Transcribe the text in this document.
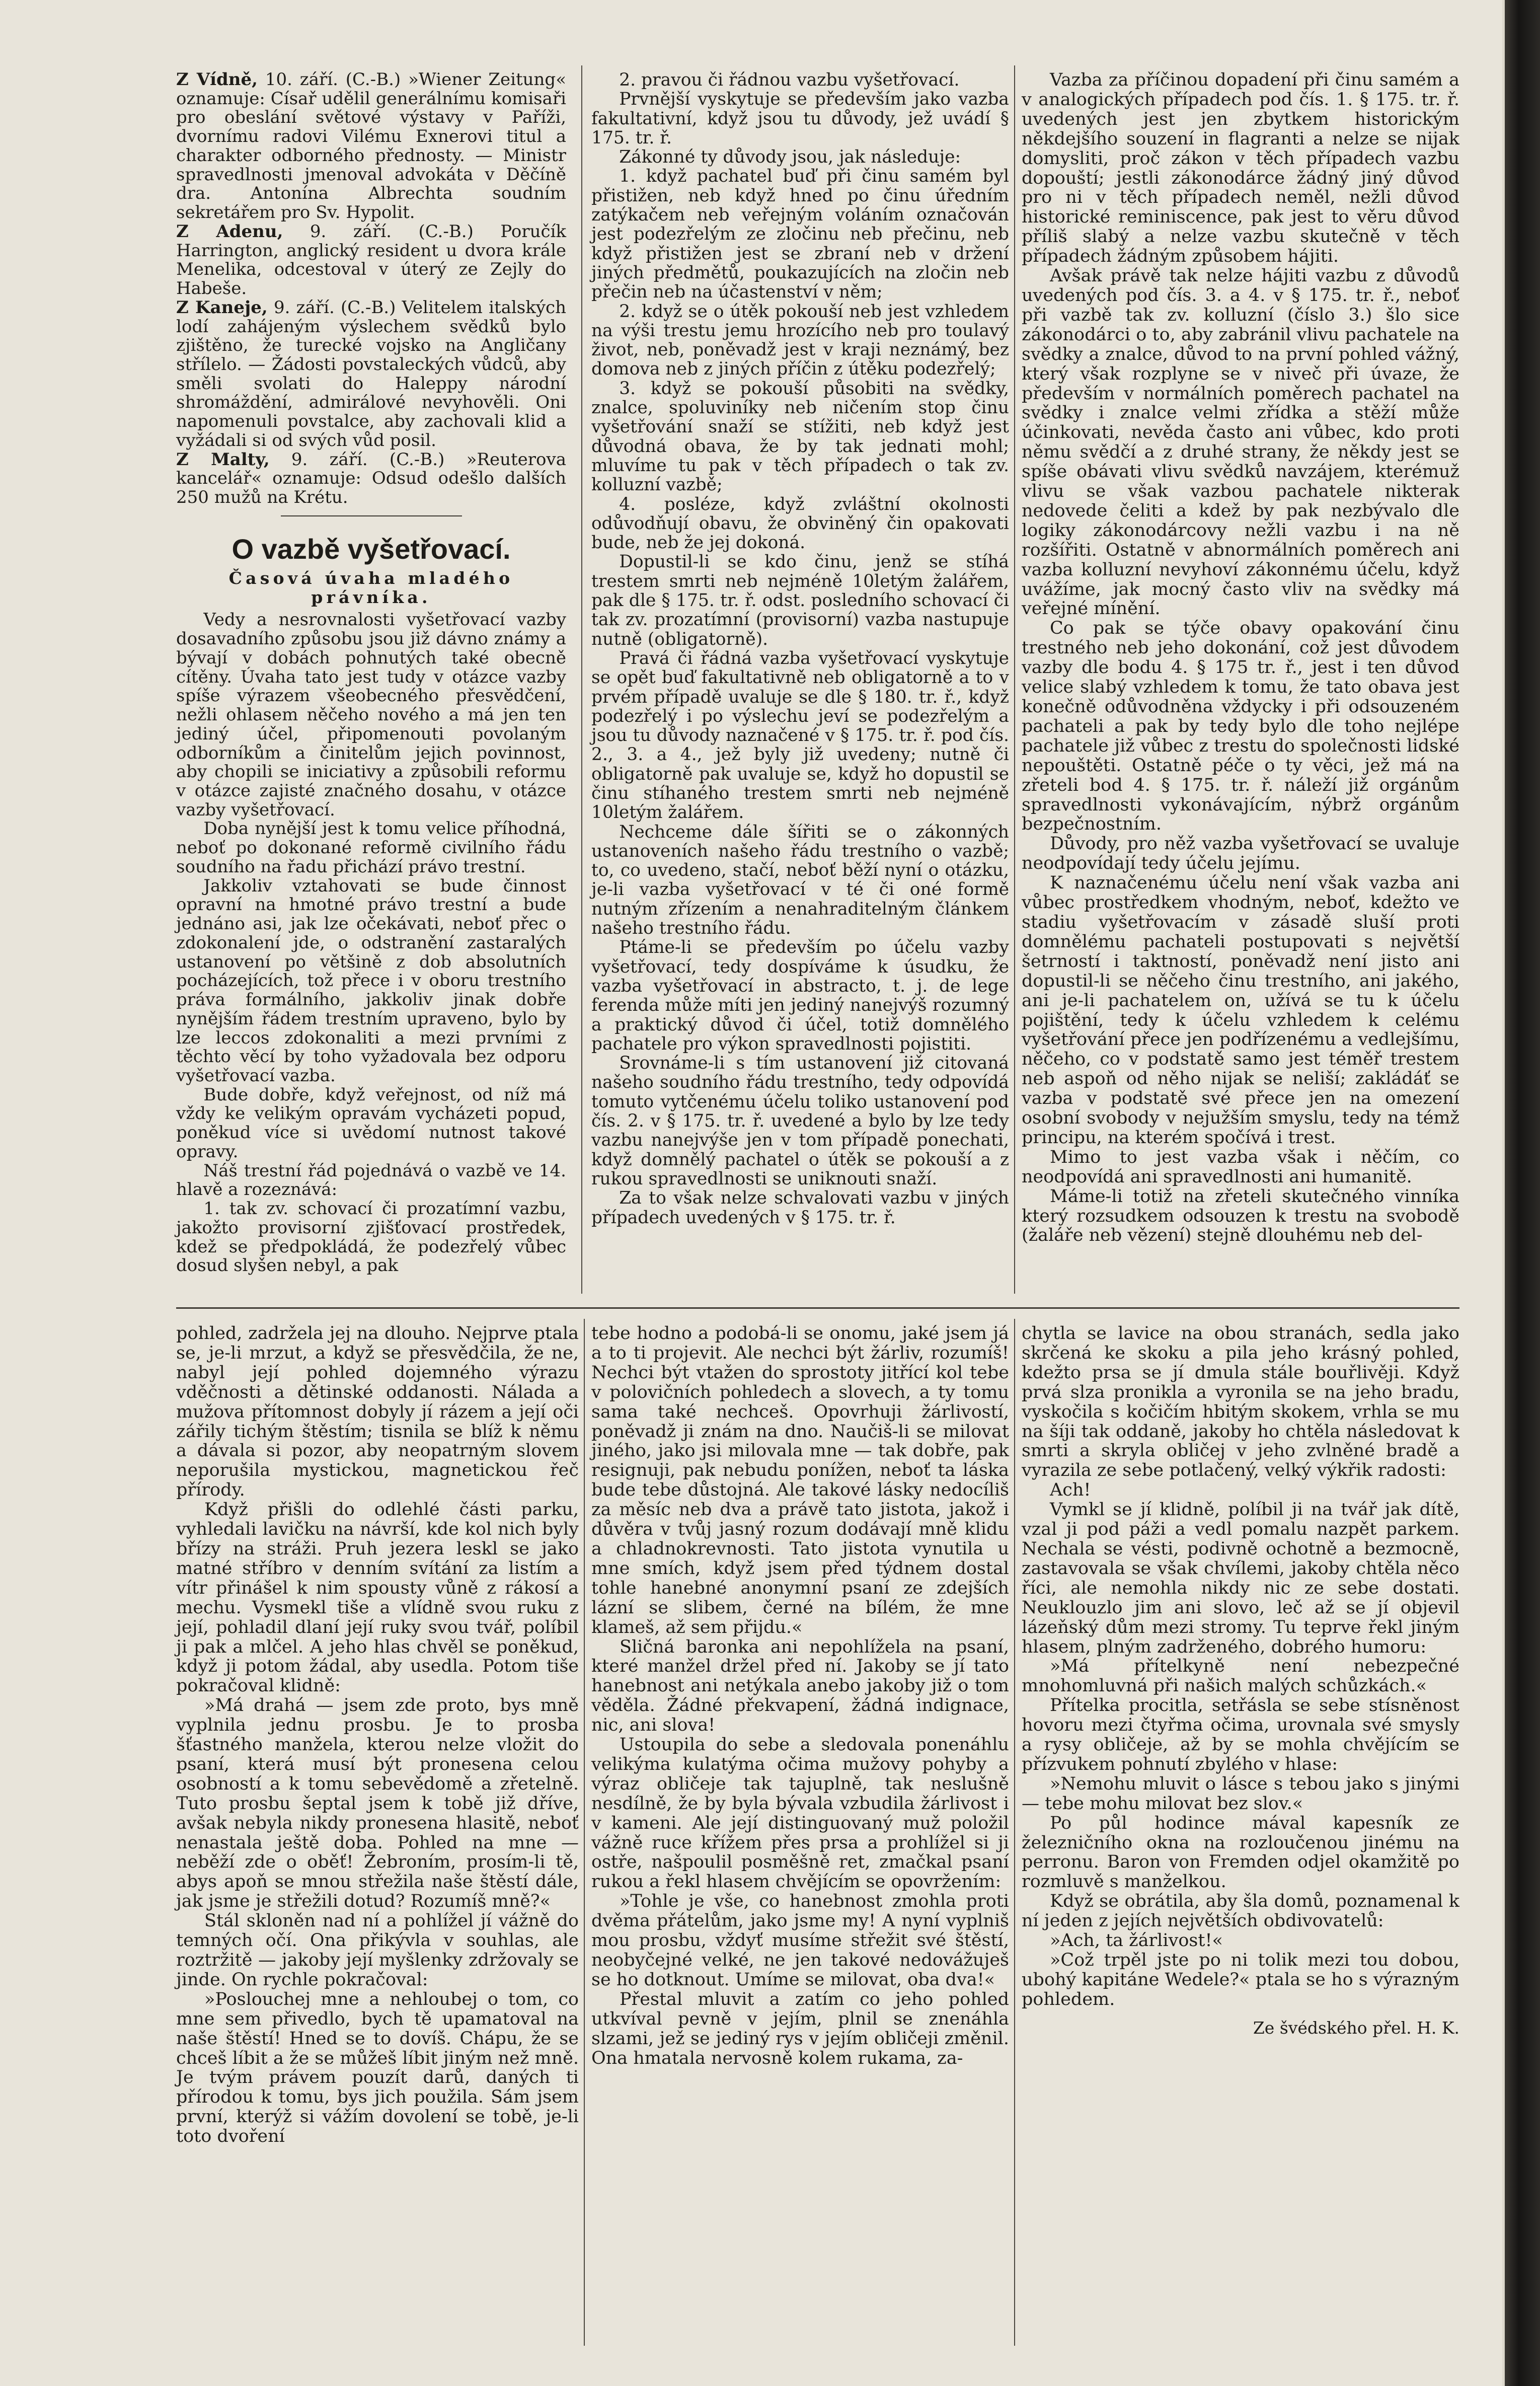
Z Vídně, 10. září. (C.-B.) »Wiener Zeitung« oznamuje: Císař udělil generálnímu komisaři pro obeslání světové výstavy v Paříži, dvornímu radovi Vilému Exnerovi titul a charakter odborného přednosty. — Ministr spravedlnosti jmenoval advokáta v Děčíně dra. Antonína Albrechta soudním sekretářem pro Sv. Hypolit.

Z Adenu, 9. září. (C.-B.) Poručík Harrington, anglický resident u dvora krále Menelika, odcestoval v úterý ze Zejly do Habeše.

Z Kaneje, 9. září. (C.-B.) Velitelem italských lodí zahájeným výslechem svědků bylo zjištěno, že turecké vojsko na Angličany střílelo. — Žádosti povstaleckých vůdců, aby směli svolati do Haleppy národní shromáždění, admirálové nevyhověli. Oni napomenuli povstalce, aby zachovali klid a vyžádali si od svých vůd posil.

Z Malty, 9. září. (C.-B.) »Reuterova kancelář« oznamuje: Odsud odešlo dalších 250 mužů na Krétu.

O vazbě vyšetřovací.

Časová úvaha mladého právníka.

Vedy a nesrovnalosti vyšetřovací vazby dosavadního způsobu jsou již dávno známy a bývají v dobách pohnutých také obecně cítěny. Úvaha tato jest tudy v otázce vazby spíše výrazem všeobecného přesvědčení, nežli ohlasem něčeho nového a má jen ten jediný účel, připomenouti povolaným odborníkům a činitelům jejich povinnost, aby chopili se iniciativy a způsobili reformu v otázce zajisté značného dosahu, v otázce vazby vyšetřovací.

Doba nynější jest k tomu velice příhodná, neboť po dokonané reformě civilního řádu soudního na řadu přichází právo trestní.

Jakkoliv vztahovati se bude činnost opravní na hmotné právo trestní a bude jednáno asi, jak lze očekávati, neboť přec o zdokonalení jde, o odstranění zastaralých ustanovení po většině z dob absolutních pocházejících, tož přece i v oboru trestního práva formálního, jakkoliv jinak dobře nynějším řádem trestním upraveno, bylo by lze leccos zdokonaliti a mezi prvními z těchto věcí by toho vyžadovala bez odporu vyšetřovací vazba.

Bude dobře, když veřejnost, od níž má vždy ke velikým opravám vycházeti popud, poněkud více si uvědomí nutnost takové opravy.

Náš trestní řád pojednává o vazbě ve 14. hlavě a rozeznává:

1. tak zv. schovací či prozatímní vazbu, jakožto provisorní zjišťovací prostředek, kdež se předpokládá, že podezřelý vůbec dosud slyšen nebyl, a pak

2. pravou či řádnou vazbu vyšetřovací.

Prvnější vyskytuje se především jako vazba fakultativní, když jsou tu důvody, jež uvádí § 175. tr. ř.

Zákonné ty důvody jsou, jak následuje:

1. když pachatel buď při činu samém byl přistižen, neb když hned po činu úředním zatýkačem neb veřejným voláním označován jest podezřelým ze zločinu neb přečinu, neb když přistižen jest se zbraní neb v držení jiných předmětů, poukazujících na zločin neb přečin neb na účastenství v něm;

2. když se o útěk pokouší neb jest vzhledem na výši trestu jemu hrozícího neb pro toulavý život, neb, poněvadž jest v kraji neznámý, bez domova neb z jiných příčin z útěku podezřelý;

3. když se pokouší působiti na svědky, znalce, spoluviníky neb ničením stop činu vyšetřování snaží se stížiti, neb když jest důvodná obava, že by tak jednati mohl; mluvíme tu pak v těch případech o tak zv. kolluzní vazbě;

4. posléze, když zvláštní okolnosti odůvodňují obavu, že obviněný čin opakovati bude, neb že jej dokoná.

Dopustil-li se kdo činu, jenž se stíhá trestem smrti neb nejméně 10letým žalářem, pak dle § 175. tr. ř. odst. posledního schovací či tak zv. prozatímní (provisorní) vazba nastupuje nutně (obligatorně).

Pravá či řádná vazba vyšetřovací vyskytuje se opět buď fakultativně neb obligatorně a to v prvém případě uvaluje se dle § 180. tr. ř., když podezřelý i po výslechu jeví se podezřelým a jsou tu důvody naznačené v § 175. tr. ř. pod čís. 2., 3. a 4., jež byly již uvedeny; nutně či obligatorně pak uvaluje se, když ho dopustil se činu stíhaného trestem smrti neb nejméně 10letým žalářem.

Nechceme dále šířiti se o zákonných ustanoveních našeho řádu trestního o vazbě; to, co uvedeno, stačí, neboť běží nyní o otázku, je-li vazba vyšetřovací v té či oné formě nutným zřízením a nenahraditelným článkem našeho trestního řádu.

Ptáme-li se především po účelu vazby vyšetřovací, tedy dospíváme k úsudku, že vazba vyšetřovací in abstracto, t. j. de lege ferenda může míti jen jediný nanejvýš rozumný a praktický důvod či účel, totiž domnělého pachatele pro výkon spravedlnosti pojistiti.

Srovnáme-li s tím ustanovení již citovaná našeho soudního řádu trestního, tedy odpovídá tomuto vytčenému účelu toliko ustanovení pod čís. 2. v § 175. tr. ř. uvedené a bylo by lze tedy vazbu nanejvýše jen v tom případě ponechati, když domnělý pachatel o útěk se pokouší a z rukou spravedlnosti se uniknouti snaží.

Za to však nelze schvalovati vazbu v jiných případech uvedených v § 175. tr. ř.

Vazba za příčinou dopadení při činu samém a v analogických případech pod čís. 1. § 175. tr. ř. uvedených jest jen zbytkem historickým někdejšího souzení in flagranti a nelze se nijak domysliti, proč zákon v těch případech vazbu dopouští; jestli zákonodárce žádný jiný důvod pro ni v těch případech neměl, nežli důvod historické reminiscence, pak jest to věru důvod příliš slabý a nelze vazbu skutečně v těch případech žádným způsobem hájiti.

Avšak právě tak nelze hájiti vazbu z důvodů uvedených pod čís. 3. a 4. v § 175. tr. ř., neboť při vazbě tak zv. kolluzní (číslo 3.) šlo sice zákonodárci o to, aby zabránil vlivu pachatele na svědky a znalce, důvod to na první pohled vážný, který však rozplyne se v niveč při úvaze, že především v normálních poměrech pachatel na svědky i znalce velmi zřídka a stěží může účinkovati, nevěda často ani vůbec, kdo proti němu svědčí a z druhé strany, že někdy jest se spíše obávati vlivu svědků navzájem, kterémuž vlivu se však vazbou pachatele nikterak nedovede čeliti a kdež by pak nezbývalo dle logiky zákonodárcovy nežli vazbu i na ně rozšířiti. Ostatně v abnormálních poměrech ani vazba kolluzní nevyhoví zákonnému účelu, když uvážíme, jak mocný často vliv na svědky má veřejné mínění.

Co pak se týče obavy opakování činu trestného neb jeho dokonání, což jest důvodem vazby dle bodu 4. § 175 tr. ř., jest i ten důvod velice slabý vzhledem k tomu, že tato obava jest konečně odůvodněna vždycky i při odsouzeném pachateli a pak by tedy bylo dle toho nejlépe pachatele již vůbec z trestu do společnosti lidské nepouštěti. Ostatně péče o ty věci, jež má na zřeteli bod 4. § 175. tr. ř. náleží již orgánům spravedlnosti vykonávajícím, nýbrž orgánům bezpečnostním.

Důvody, pro něž vazba vyšetřovací se uvaluje neodpovídají tedy účelu jejímu.

K naznačenému účelu není však vazba ani vůbec prostředkem vhodným, neboť, kdežto ve stadiu vyšetřovacím v zásadě sluší proti domnělému pachateli postupovati s největší šetrností i taktností, poněvadž není jisto ani dopustil-li se něčeho činu trestního, ani jakého, ani je-li pachatelem on, užívá se tu k účelu pojištění, tedy k účelu vzhledem k celému vyšetřování přece jen podřízenému a vedlejšímu, něčeho, co v podstatě samo jest téměř trestem neb aspoň od něho nijak se neliší; zakládáť se vazba v podstatě své přece jen na omezení osobní svobody v nejužším smyslu, tedy na témž principu, na kterém spočívá i trest.

Mimo to jest vazba však i něčím, co neodpovídá ani spravedlnosti ani humanitě.

Máme-li totiž na zřeteli skutečného vinníka který rozsudkem odsouzen k trestu na svobodě (žaláře neb vězení) stejně dlouhému neb del-

pohled, zadržela jej na dlouho. Nejprve ptala se, je-li mrzut, a když se přesvědčila, že ne, nabyl její pohled dojemného výrazu vděčnosti a dětinské oddanosti. Nálada a mužova přítomnost dobyly jí rázem a její oči zářily tichým štěstím; tisnila se blíž k němu a dávala si pozor, aby neopatrným slovem neporušila mystickou, magnetickou řeč přírody.

Když přišli do odlehlé části parku, vyhledali lavičku na návrší, kde kol nich byly břízy na stráži. Pruh jezera leskl se jako matné stříbro v denním svítání za listím a vítr přinášel k nim spousty vůně z rákosí a mechu. Vysmekl tiše a vlídně svou ruku z její, pohladil dlaní její ruky svou tvář, políbil ji pak a mlčel. A jeho hlas chvěl se poněkud, když ji potom žádal, aby usedla. Potom tiše pokračoval klidně:

»Má drahá — jsem zde proto, bys mně vyplnila jednu prosbu. Je to prosba šťastného manžela, kterou nelze vložit do psaní, která musí být pronesena celou osobností a k tomu sebevědomě a zřetelně. Tuto prosbu šeptal jsem k tobě již dříve, avšak nebyla nikdy pronesena hlasitě, neboť nenastala ještě doba. Pohled na mne — neběží zde o oběť! Žebroním, prosím-li tě, abys apoň se mnou střežila naše štěstí dále, jak jsme je střežili dotud? Rozumíš mně?«

Stál skloněn nad ní a pohlížel jí vážně do temných očí. Ona přikývla v souhlas, ale roztržitě — jakoby její myšlenky zdržovaly se jinde. On rychle pokračoval:

»Poslouchej mne a nehloubej o tom, co mne sem přivedlo, bych tě upamatoval na naše štěstí! Hned se to dovíš. Chápu, že se chceš líbit a že se můžeš líbit jiným než mně. Je tvým právem pouzít darů, daných ti přírodou k tomu, bys jich použila. Sám jsem první, kterýž si vážím dovolení se tobě, je-li toto dvoření

tebe hodno a podobá-li se onomu, jaké jsem já a to ti projevit. Ale nechci být žárliv, rozumíš! Nechci být vtažen do sprostoty jitřící kol tebe v polovičních pohledech a slovech, a ty tomu sama také nechceš. Opovrhuji žárlivostí, poněvadž ji znám na dno. Naučiš-li se milovat jiného, jako jsi milovala mne — tak dobře, pak resignuji, pak nebudu ponížen, neboť ta láska bude tebe důstojná. Ale takové lásky nedocíliš za měsíc neb dva a právě tato jistota, jakož i důvěra v tvůj jasný rozum dodávají mně klidu a chladnokrevnosti. Tato jistota vynutila u mne smích, když jsem před týdnem dostal tohle hanebné anonymní psaní ze zdejších lázní se slibem, černé na bílém, že mne klameš, až sem přijdu.«

Sličná baronka ani nepohlížela na psaní, které manžel držel před ní. Jakoby se jí tato hanebnost ani netýkala anebo jakoby již o tom věděla. Žádné překvapení, žádná indignace, nic, ani slova!

Ustoupila do sebe a sledovala ponenáhlu velikýma kulatýma očima mužovy pohyby a výraz obličeje tak tajuplně, tak neslušně nesdílně, že by byla bývala vzbudila žárlivost i v kameni. Ale její distinguovaný muž položil vážně ruce křížem přes prsa a prohlížel si ji ostře, našpoulil posměšně ret, zmačkal psaní rukou a řekl hlasem chvějícím se opovržením:

»Tohle je vše, co hanebnost zmohla proti dvěma přátelům, jako jsme my! A nyní vyplniš mou prosbu, vždyť musíme střežit své štěstí, neobyčejné velké, ne jen takové nedovážuješ se ho dotknout. Umíme se milovat, oba dva!«

Přestal mluvit a zatím co jeho pohled utkvíval pevně v jejím, plnil se znenáhla slzami, jež se jediný rys v jejím obličeji změnil. Ona hmatala nervosně kolem rukama, za-

chytla se lavice na obou stranách, sedla jako skrčená ke skoku a pila jeho krásný pohled, kdežto prsa se jí dmula stále bouřlivěji. Když prvá slza pronikla a vyronila se na jeho bradu, vyskočila s kočičím hbitým skokem, vrhla se mu na šíji tak oddaně, jakoby ho chtěla následovat k smrti a skryla obličej v jeho zvlněné bradě a vyrazila ze sebe potlačený, velký výkřik radosti:

Ach!

Vymkl se jí klidně, políbil ji na tvář jak dítě, vzal ji pod páži a vedl pomalu nazpět parkem. Nechala se vésti, podivně ochotně a bezmocně, zastavovala se však chvílemi, jakoby chtěla něco říci, ale nemohla nikdy nic ze sebe dostati. Neuklouzlo jim ani slovo, leč až se jí objevil lázeňský dům mezi stromy. Tu teprve řekl jiným hlasem, plným zadrženého, dobrého humoru:

»Má přítelkyně není nebezpečné mnohomluvná při našich malých schůzkách.«

Přítelka procitla, setřásla se sebe stísněnost hovoru mezi čtyřma očima, urovnala své smysly a rysy obličeje, až by se mohla chvějícím se přízvukem pohnutí zbylého v hlase:

»Nemohu mluvit o lásce s tebou jako s jinými — tebe mohu milovat bez slov.«

Po půl hodince mával kapesník ze železničního okna na rozloučenou jinému na perronu. Baron von Fremden odjel okamžitě po rozmluvě s manželkou.

Když se obrátila, aby šla domů, poznamenal k ní jeden z jejích největších obdivovatelů:

»Ach, ta žárlivost!«

»Což trpěl jste po ni tolik mezi tou dobou, ubohý kapitáne Wedele?« ptala se ho s výrazným pohledem.

Ze švédského přel. H. K.
